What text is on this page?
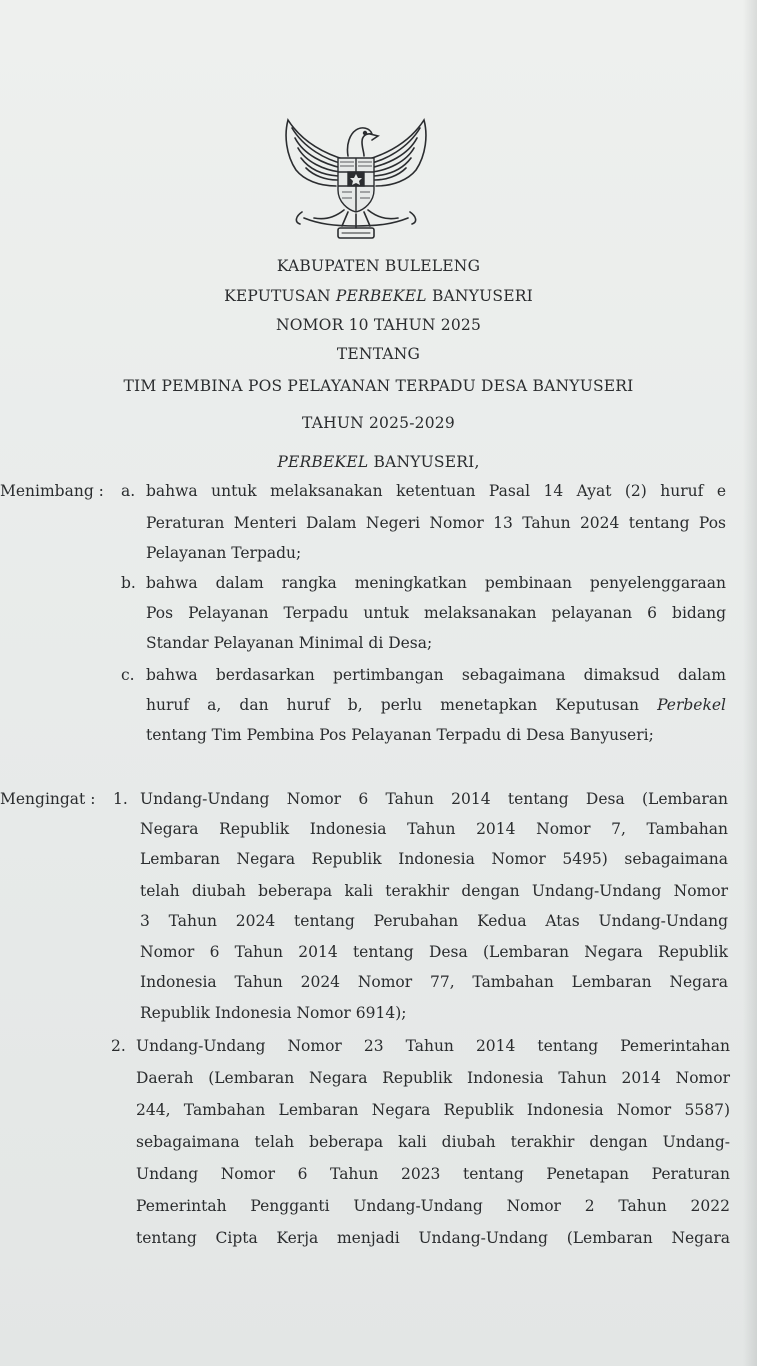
KABUPATEN BULELENG
KEPUTUSAN PERBEKEL BANYUSERI
NOMOR 10 TAHUN 2025
TENTANG
TIM PEMBINA POS PELAYANAN TERPADU DESA BANYUSERI
TAHUN 2025-2029
PERBEKEL BANYUSERI,
Menimbang : a. bahwa untuk melaksanakan ketentuan Pasal 14 Ayat (2) huruf e
Peraturan Menteri Dalam Negeri Nomor 13 Tahun 2024 tentang Pos
Pelayanan Terpadu;
b. bahwa dalam rangka meningkatkan pembinaan penyelenggaraan
Pos Pelayanan Terpadu untuk melaksanakan pelayanan 6 bidang
Standar Pelayanan Minimal di Desa;
c. bahwa berdasarkan pertimbangan sebagaimana dimaksud dalam
huruf a, dan huruf b, perlu menetapkan Keputusan Perbekel
tentang Tim Pembina Pos Pelayanan Terpadu di Desa Banyuseri;
Mengingat : 1. Undang-Undang Nomor 6 Tahun 2014 tentang Desa (Lembaran
Negara Republik Indonesia Tahun 2014 Nomor 7, Tambahan
Lembaran Negara Republik Indonesia Nomor 5495) sebagaimana
telah diubah beberapa kali terakhir dengan Undang-Undang Nomor
3 Tahun 2024 tentang Perubahan Kedua Atas Undang-Undang
Nomor 6 Tahun 2014 tentang Desa (Lembaran Negara Republik
Indonesia Tahun 2024 Nomor 77, Tambahan Lembaran Negara
Republik Indonesia Nomor 6914);
2. Undang-Undang Nomor 23 Tahun 2014 tentang Pemerintahan
Daerah (Lembaran Negara Republik Indonesia Tahun 2014 Nomor
244, Tambahan Lembaran Negara Republik Indonesia Nomor 5587)
sebagaimana telah beberapa kali diubah terakhir dengan Undang-
Undang Nomor 6 Tahun 2023 tentang Penetapan Peraturan
Pemerintah Pengganti Undang-Undang Nomor 2 Tahun 2022
tentang Cipta Kerja menjadi Undang-Undang (Lembaran Negara
